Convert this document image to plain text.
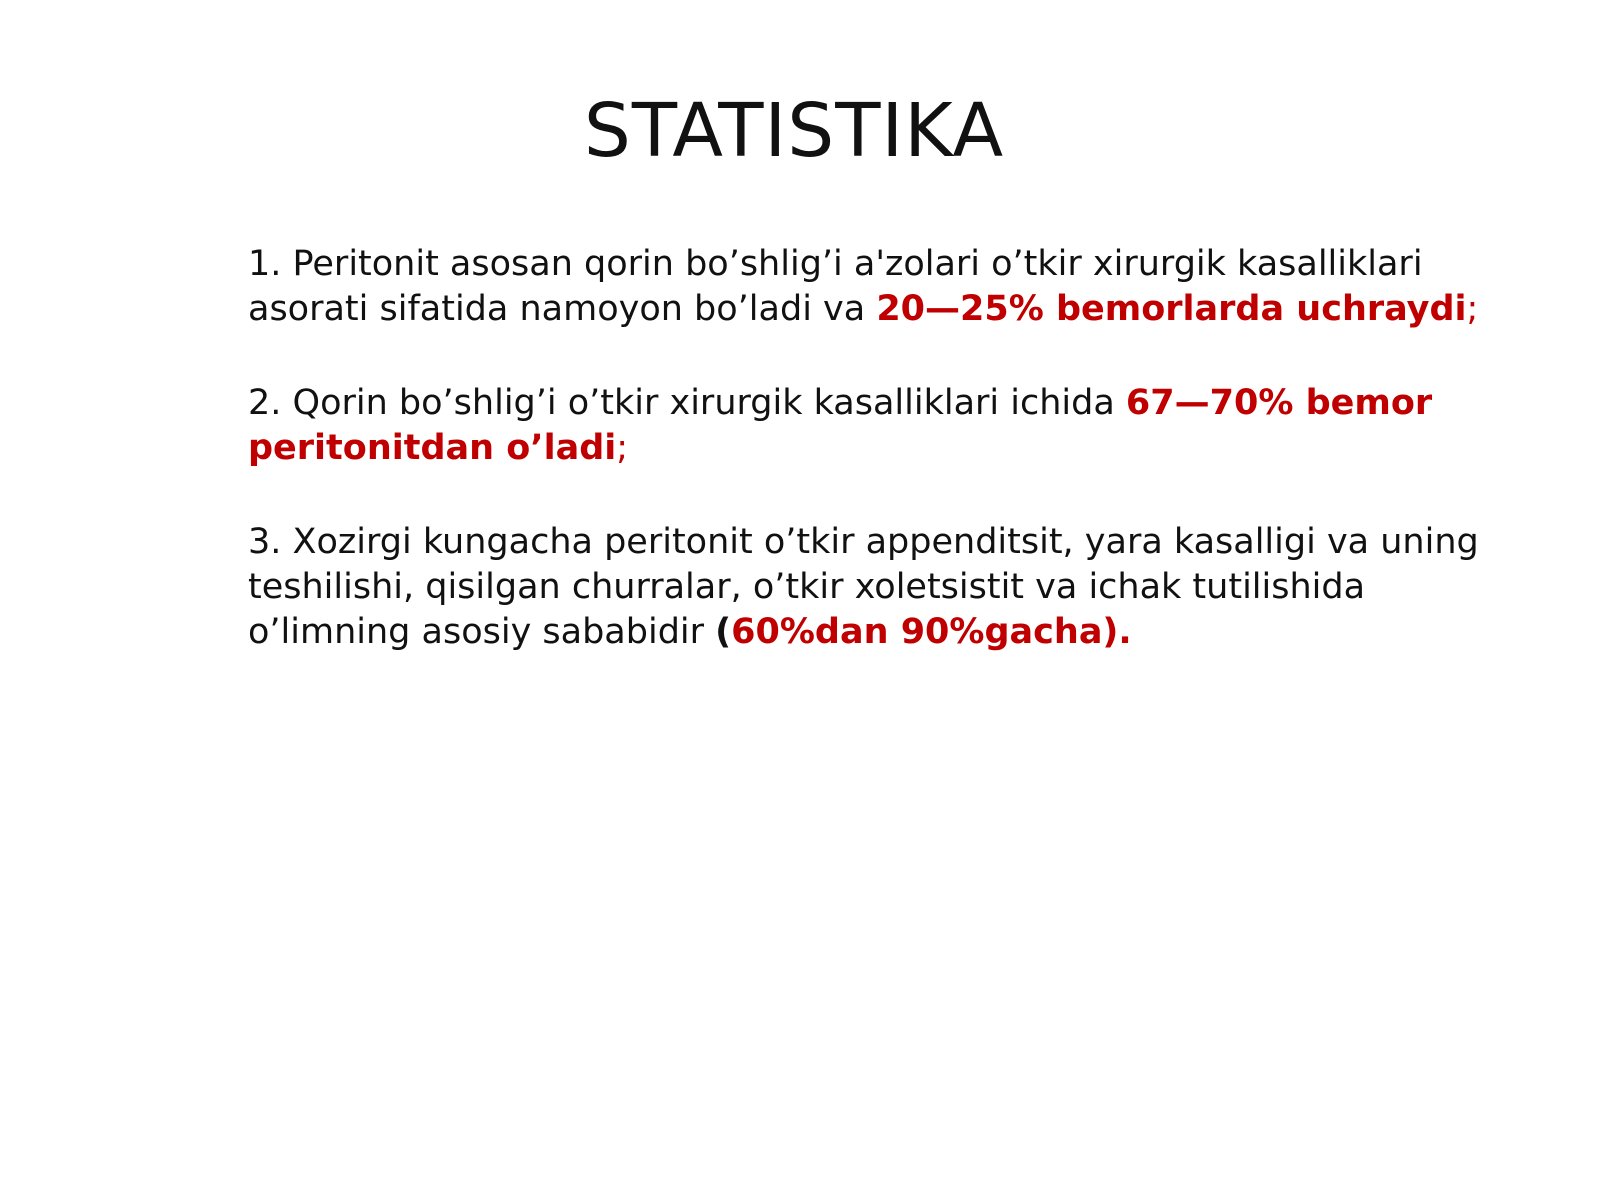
STATISTIKA

1. Peritonit asosan qorin bo’shlig’i a'zolari o’tkir xirurgik kasalliklari asorati sifatida namoyon bo’ladi va 20—25% bemorlarda uchraydi;

2. Qorin bo’shlig’i o’tkir xirurgik kasalliklari ichida 67—70% bemor peritonitdan o’ladi;

3. Xozirgi kungacha peritonit o’tkir appenditsit, yara kasalligi va uning teshilishi, qisilgan churralar, o’tkir xoletsistit va ichak tutilishida o’limning asosiy sababidir (60%dan 90%gacha).
